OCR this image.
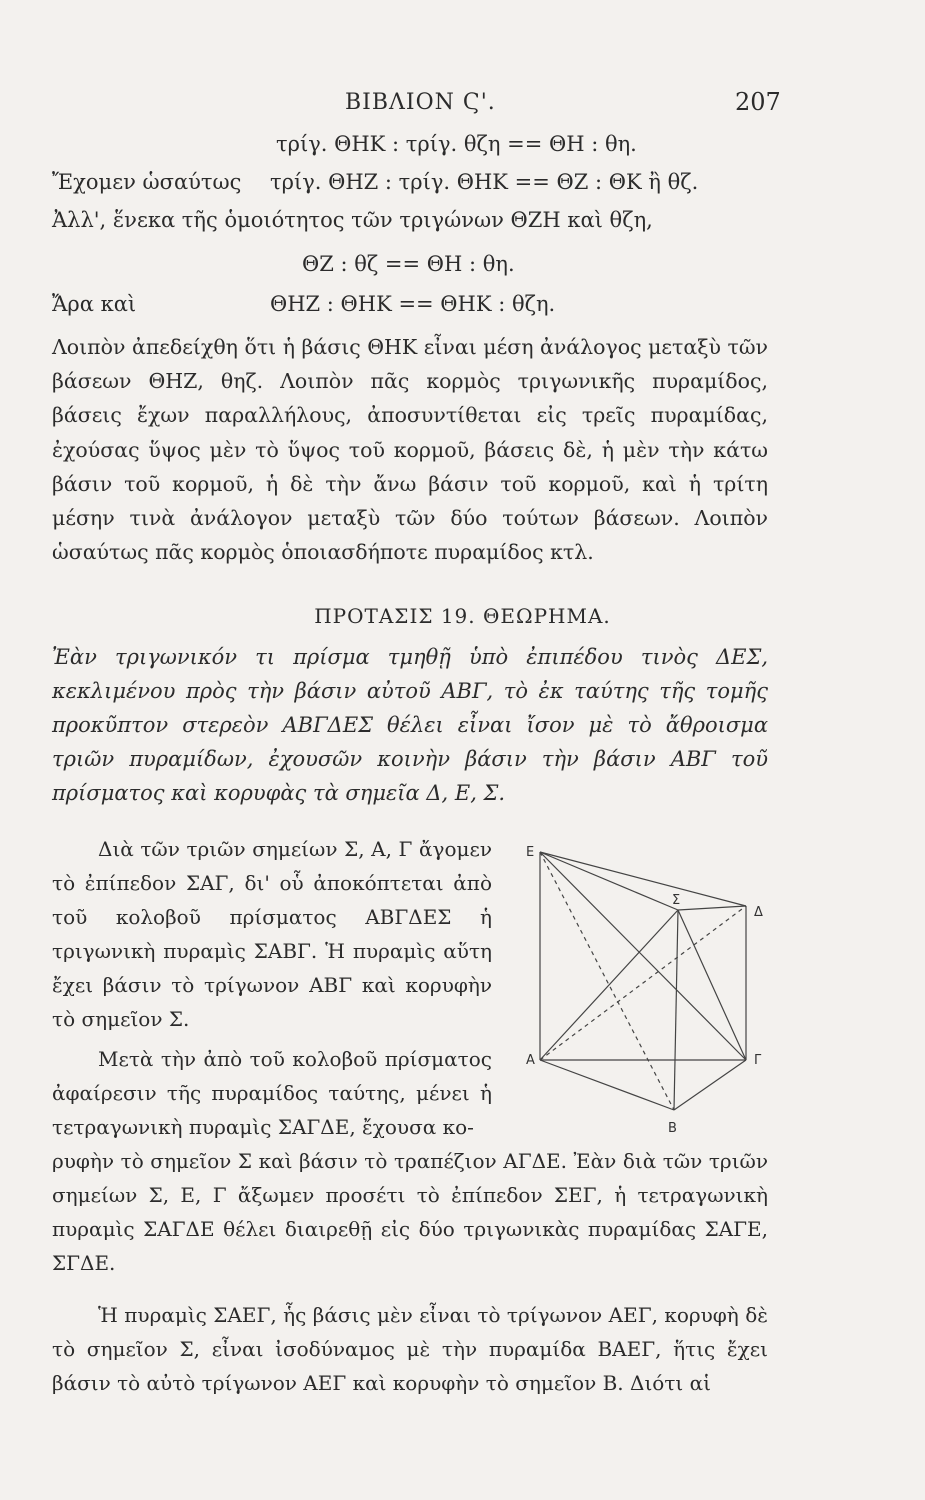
ΒΙΒΛΙΟΝ Ϛ'.	207
τρίγ. ΘΗΚ : τρίγ. θζη == ΘΗ : θη.
Ἔχομεν ὡσαύτως τρίγ. ΘΗΖ : τρίγ. ΘΗΚ == ΘΖ : ΘΚ ἢ θζ.
Ἀλλ', ἕνεκα τῆς ὁμοιότητος τῶν τριγώνων ΘΖΗ καὶ θζη,
ΘΖ : θζ == ΘΗ : θη.
Ἄρα καὶ	ΘΗΖ : ΘΗΚ == ΘΗΚ : θζη.
Λοιπὸν ἀπεδείχθη ὅτι ἡ βάσις ΘΗΚ εἶναι μέση ἀνάλογος μεταξὺ τῶν βάσεων ΘΗΖ, θηζ. Λοιπὸν πᾶς κορμὸς τριγωνικῆς πυραμίδος, βάσεις ἔχων παραλλήλους, ἀποσυντίθεται εἰς τρεῖς πυραμίδας, ἐχούσας ὕψος μὲν τὸ ὕψος τοῦ κορμοῦ, βάσεις δὲ, ἡ μὲν τὴν κάτω βάσιν τοῦ κορμοῦ, ἡ δὲ τὴν ἄνω βάσιν τοῦ κορμοῦ, καὶ ἡ τρίτη μέσην τινὰ ἀνάλογον μεταξὺ τῶν δύο τούτων βάσεων. Λοιπὸν ὡσαύτως πᾶς κορμὸς ὁποιασδήποτε πυραμίδος κτλ.
ΠΡΟΤΑΣΙΣ 19. ΘΕΩΡΗΜΑ.
Ἐὰν τριγωνικόν τι πρίσμα τμηθῇ ὑπὸ ἐπιπέδου τινὸς ΔΕΣ, κεκλιμένου πρὸς τὴν βάσιν αὐτοῦ ΑΒΓ, τὸ ἐκ ταύτης τῆς τομῆς προκῦπτον στερεὸν ΑΒΓΔΕΣ θέλει εἶναι ἴσον μὲ τὸ ἄθροισμα τριῶν πυραμίδων, ἐχουσῶν κοινὴν βάσιν τὴν βάσιν ΑΒΓ τοῦ πρίσματος καὶ κορυφὰς τὰ σημεῖα Δ, Ε, Σ.
Διὰ τῶν τριῶν σημείων Σ, Α, Γ ἄγομεν τὸ ἐπίπεδον ΣΑΓ, δι' οὗ ἀποκόπτεται ἀπὸ τοῦ κολοβοῦ πρίσματος ΑΒΓΔΕΣ ἡ τριγωνικὴ πυραμὶς ΣΑΒΓ. Ἡ πυραμὶς αὕτη ἔχει βάσιν τὸ τρίγωνον ΑΒΓ καὶ κορυφὴν τὸ σημεῖον Σ.
Μετὰ τὴν ἀπὸ τοῦ κολοβοῦ πρίσματος ἀφαίρεσιν τῆς πυραμίδος ταύτης, μένει ἡ τετραγωνικὴ πυραμὶς ΣΑΓΔΕ, ἔχουσα κο-
ρυφὴν τὸ σημεῖον Σ καὶ βάσιν τὸ τραπέζιον ΑΓΔΕ. Ἐὰν διὰ τῶν τριῶν σημείων Σ, Ε, Γ ἄξωμεν προσέτι τὸ ἐπίπεδον ΣΕΓ, ἡ τετραγωνικὴ πυραμὶς ΣΑΓΔΕ θέλει διαιρεθῇ εἰς δύο τριγωνικὰς πυραμίδας ΣΑΓΕ, ΣΓΔΕ.
Ἡ πυραμὶς ΣΑΕΓ, ἧς βάσις μὲν εἶναι τὸ τρίγωνον ΑΕΓ, κορυφὴ δὲ τὸ σημεῖον Σ, εἶναι ἰσοδύναμος μὲ τὴν πυραμίδα ΒΑΕΓ, ἥτις ἔχει βάσιν τὸ αὐτὸ τρίγωνον ΑΕΓ καὶ κορυφὴν τὸ σημεῖον Β. Διότι αἱ
E
Σ
Δ
Α	Γ
Β
